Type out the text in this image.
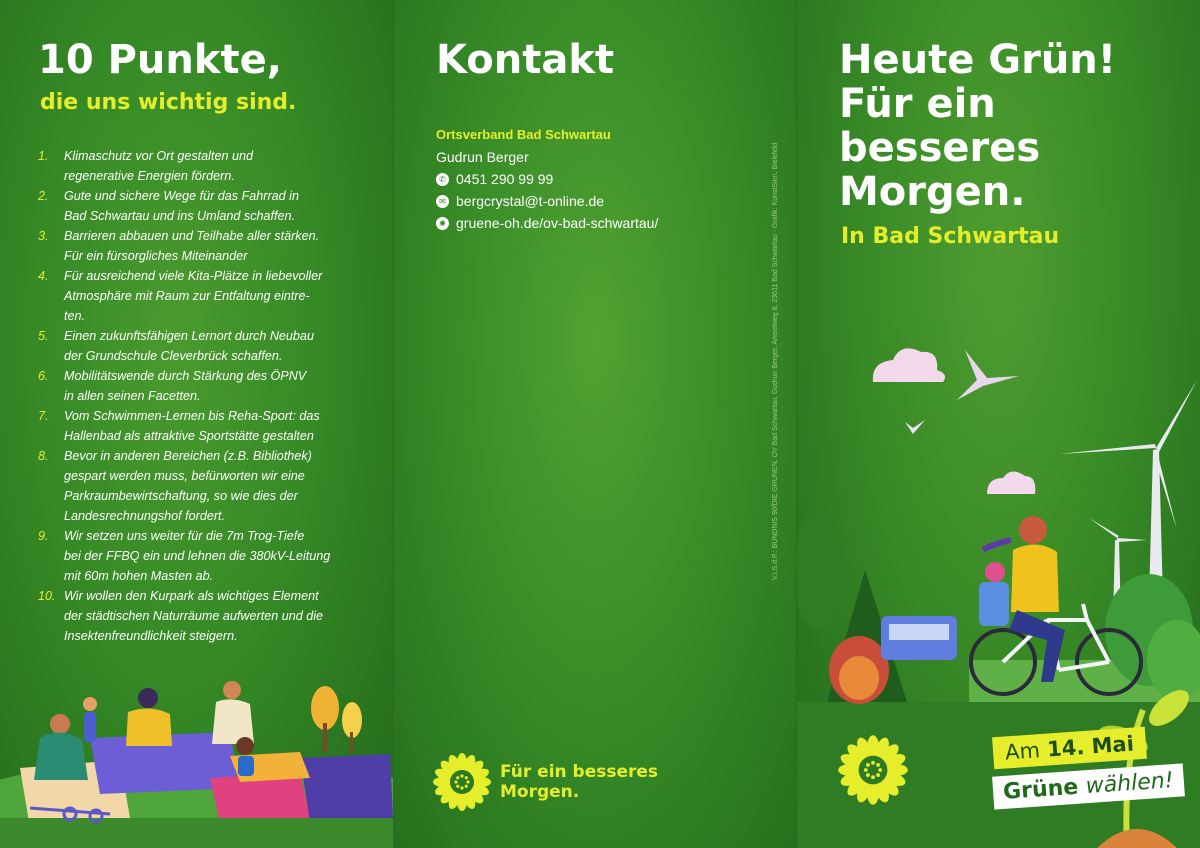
10 Punkte,
die uns wichtig sind.
1. Klimaschutz vor Ort gestalten und
regenerative Energien fördern.
2. Gute und sichere Wege für das Fahrrad in
Bad Schwartau und ins Umland schaffen.
3. Barrieren abbauen und Teilhabe aller stärken.
Für ein fürsorgliches Miteinander
4. Für ausreichend viele Kita-Plätze in liebevoller
Atmosphäre mit Raum zur Entfaltung eintre-
ten.
5. Einen zukunftsfähigen Lernort durch Neubau
der Grundschule Cleverbrück schaffen.
6. Mobilitätswende durch Stärkung des ÖPNV
in allen seinen Facetten.
7. Vom Schwimmen-Lernen bis Reha-Sport: das
Hallenbad als attraktive Sportstätte gestalten
8. Bevor in anderen Bereichen (z.B. Bibliothek)
gespart werden muss, befürworten wir eine
Parkraumbewirtschaftung, so wie dies der
Landesrechnungshof fordert.
9. Wir setzen uns weiter für die 7m Trog-Tiefe
bei der FFBQ ein und lehnen die 380kV-Leitung
mit 60m hohen Masten ab.
10. Wir wollen den Kurpark als wichtiges Element
der städtischen Naturräume aufwerten und die
Insektenfreundlichkeit steigern.
Kontakt
Ortsverband Bad Schwartau
Gudrun Berger
✆ 0451 290 99 99
✉ bergcrystal@t-online.de
✺ gruene-oh.de/ov-bad-schwartau/
Für ein besseres
Morgen.
V.i.S.d.P.: BÜNDNIS 90/DIE GRÜNEN, OV Bad Schwartau, Gudrun Berger, Amselweg 8, 23611 Bad Schwartau · Grafik: KunstSinn, Bielefeld
Heute Grün!
Für ein besseres
Morgen.
In Bad Schwartau
Am 14. Mai
Grüne wählen!
